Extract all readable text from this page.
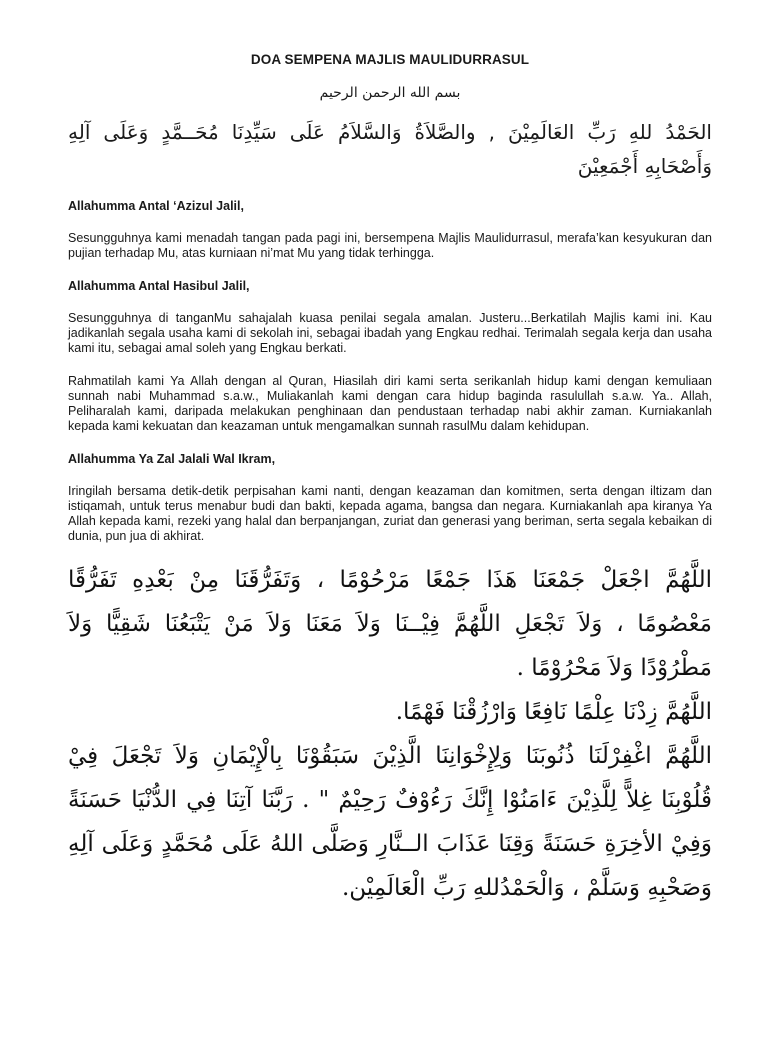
DOA SEMPENA MAJLIS MAULIDURRASUL
بسم الله الرحمن الرحيم
الحَمْدُ للهِ رَبِّ العَالَمِيْنَ , والصَّلاَةُ وَالسَّلاَمُ عَلَى سَيِّدِنَا مُحَــمَّدٍ وَعَلَى آلِهِ وَأَصْحَابِهِ أَجْمَعِيْنَ
Allahumma Antal ‘Azizul Jalil,
Sesungguhnya kami menadah tangan pada pagi ini, bersempena Majlis Maulidurrasul, merafa’kan kesyukuran dan pujian terhadap Mu, atas kurniaan ni’mat Mu yang tidak terhingga.
Allahumma Antal Hasibul Jalil,
Sesungguhnya di tanganMu sahajalah kuasa penilai segala amalan. Justeru...Berkatilah Majlis kami ini. Kau jadikanlah segala usaha kami di sekolah ini, sebagai ibadah yang Engkau redhai. Terimalah segala kerja dan usaha kami itu, sebagai amal soleh yang Engkau berkati.
Rahmatilah kami Ya Allah dengan al Quran, Hiasilah diri kami serta serikanlah hidup kami dengan kemuliaan sunnah nabi Muhammad s.a.w., Muliakanlah kami dengan cara hidup baginda rasulullah s.a.w. Ya.. Allah, Peliharalah kami, daripada melakukan penghinaan dan pendustaan terhadap nabi akhir zaman. Kurniakanlah kepada kami kekuatan dan keazaman untuk mengamalkan sunnah rasulMu dalam kehidupan.
Allahumma Ya Zal Jalali Wal Ikram,
Iringilah bersama detik-detik perpisahan kami nanti, dengan keazaman dan komitmen, serta dengan iltizam dan istiqamah, untuk terus menabur budi dan bakti, kepada agama, bangsa dan negara. Kurniakanlah apa kiranya Ya Allah kepada kami, rezeki yang halal dan berpanjangan, zuriat dan generasi yang beriman, serta segala kebaikan di dunia, pun jua di akhirat.

اللَّهُمَّ اجْعَلْ جَمْعَنَا هَذَا جَمْعًا مَرْحُوْمًا ، وَتَفَرُّقَنَا مِنْ بَعْدِهِ تَفَرُّقًا مَعْصُومًا ، وَلاَ تَجْعَلِ اللَّهُمَّ فِيْــنَا وَلاَ مَعَنَا وَلاَ مَنْ يَتْبَعُنَا شَقِيًّا وَلاَ مَطْرُوْدًا وَلاَ مَحْرُوْمًا .

اللَّهُمَّ زِدْنَا عِلْمًا نَافِعًا وَارْزُقْنَا فَهْمًا.

اللَّهُمَّ اغْفِرْلَنَا ذُنُوبَنَا وَلِإِخْوَانِنَا الَّذِيْنَ سَبَقُوْنَا بِالْإِيْمَانِ وَلاَ تَجْعَلَ فِيْ قُلُوْبِنَا غِلاًّ لِلَّذِيْنَ ءَامَنُوْا إِنَّكَ رَءُوْفٌ رَحِيْمٌ " . رَبَّنَا آتِنَا فِي الدُّنْيَا حَسَنَةً وَفِيْ الأخِرَةِ حَسَنَةً وَقِنَا عَذَابَ الــنَّارِ وَصَلَّى اللهُ عَلَى مُحَمَّدٍ وَعَلَى آلِهِ وَصَحْبِهِ وَسَلَّمْ ، وَالْحَمْدُللهِ رَبِّ الْعَالَمِيْن.
